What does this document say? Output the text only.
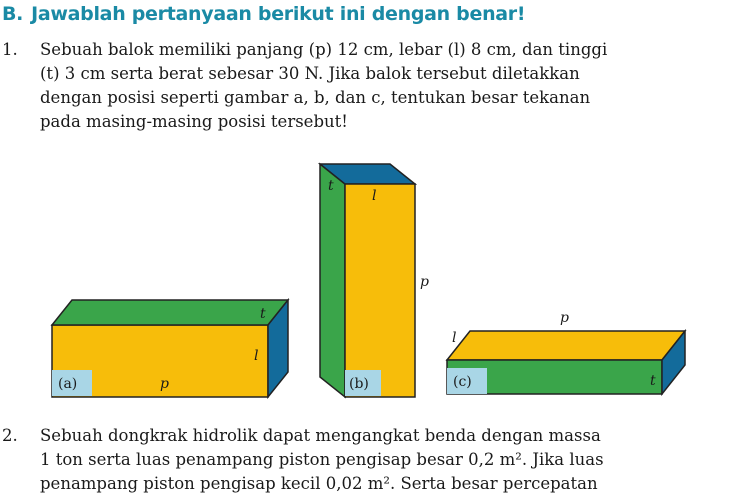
B. Jawablah pertanyaan berikut ini dengan benar!
1. Sebuah balok memiliki panjang (p) 12 cm, lebar (l) 8 cm, dan tinggi
(t) 3 cm serta berat sebesar 30 N. Jika balok tersebut diletakkan
dengan posisi seperti gambar a, b, dan c, tentukan besar tekanan
pada masing-masing posisi tersebut!
(a)	p
l
t
(b)
t
l
p
(c)
p
l
t
2. Sebuah dongkrak hidrolik dapat mengangkat benda dengan massa
1 ton serta luas penampang piston pengisap besar 0,2 m². Jika luas
penampang piston pengisap kecil 0,02 m². Serta besar percepatan
